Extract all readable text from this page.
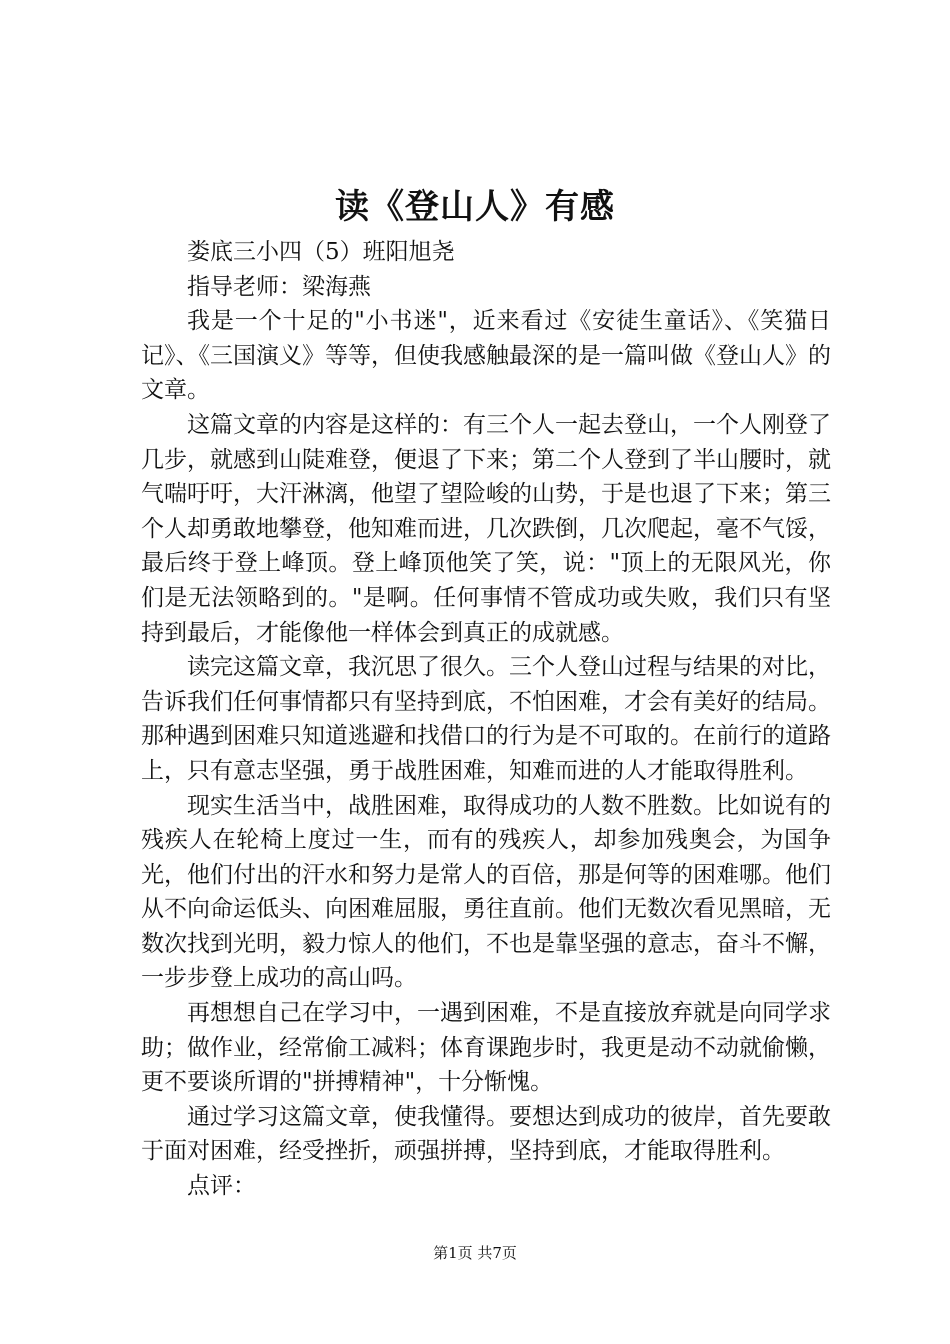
读《登山人》有感

娄底三小四（5）班阳旭尧

指导老师：梁海燕

我是一个十足的"小书迷"，近来看过《安徒生童话》、《笑猫日记》、《三国演义》等等，但使我感触最深的是一篇叫做《登山人》的文章。

这篇文章的内容是这样的：有三个人一起去登山，一个人刚登了几步，就感到山陡难登，便退了下来；第二个人登到了半山腰时，就气喘吁吁，大汗淋漓，他望了望险峻的山势，于是也退了下来；第三个人却勇敢地攀登，他知难而进，几次跌倒，几次爬起，毫不气馁，最后终于登上峰顶。登上峰顶他笑了笑，说："顶上的无限风光，你们是无法领略到的。"是啊。任何事情不管成功或失败，我们只有坚持到最后，才能像他一样体会到真正的成就感。

读完这篇文章，我沉思了很久。三个人登山过程与结果的对比，告诉我们任何事情都只有坚持到底，不怕困难，才会有美好的结局。那种遇到困难只知道逃避和找借口的行为是不可取的。在前行的道路上，只有意志坚强，勇于战胜困难，知难而进的人才能取得胜利。

现实生活当中，战胜困难，取得成功的人数不胜数。比如说有的残疾人在轮椅上度过一生，而有的残疾人，却参加残奥会，为国争光，他们付出的汗水和努力是常人的百倍，那是何等的困难哪。他们从不向命运低头、向困难屈服，勇往直前。他们无数次看见黑暗，无数次找到光明，毅力惊人的他们，不也是靠坚强的意志，奋斗不懈，一步步登上成功的高山吗。

再想想自己在学习中，一遇到困难，不是直接放弃就是向同学求助；做作业，经常偷工减料；体育课跑步时，我更是动不动就偷懒，更不要谈所谓的"拼搏精神"，十分惭愧。

通过学习这篇文章，使我懂得。要想达到成功的彼岸，首先要敢于面对困难，经受挫折，顽强拼搏，坚持到底，才能取得胜利。

点评：

第1页 共7页
